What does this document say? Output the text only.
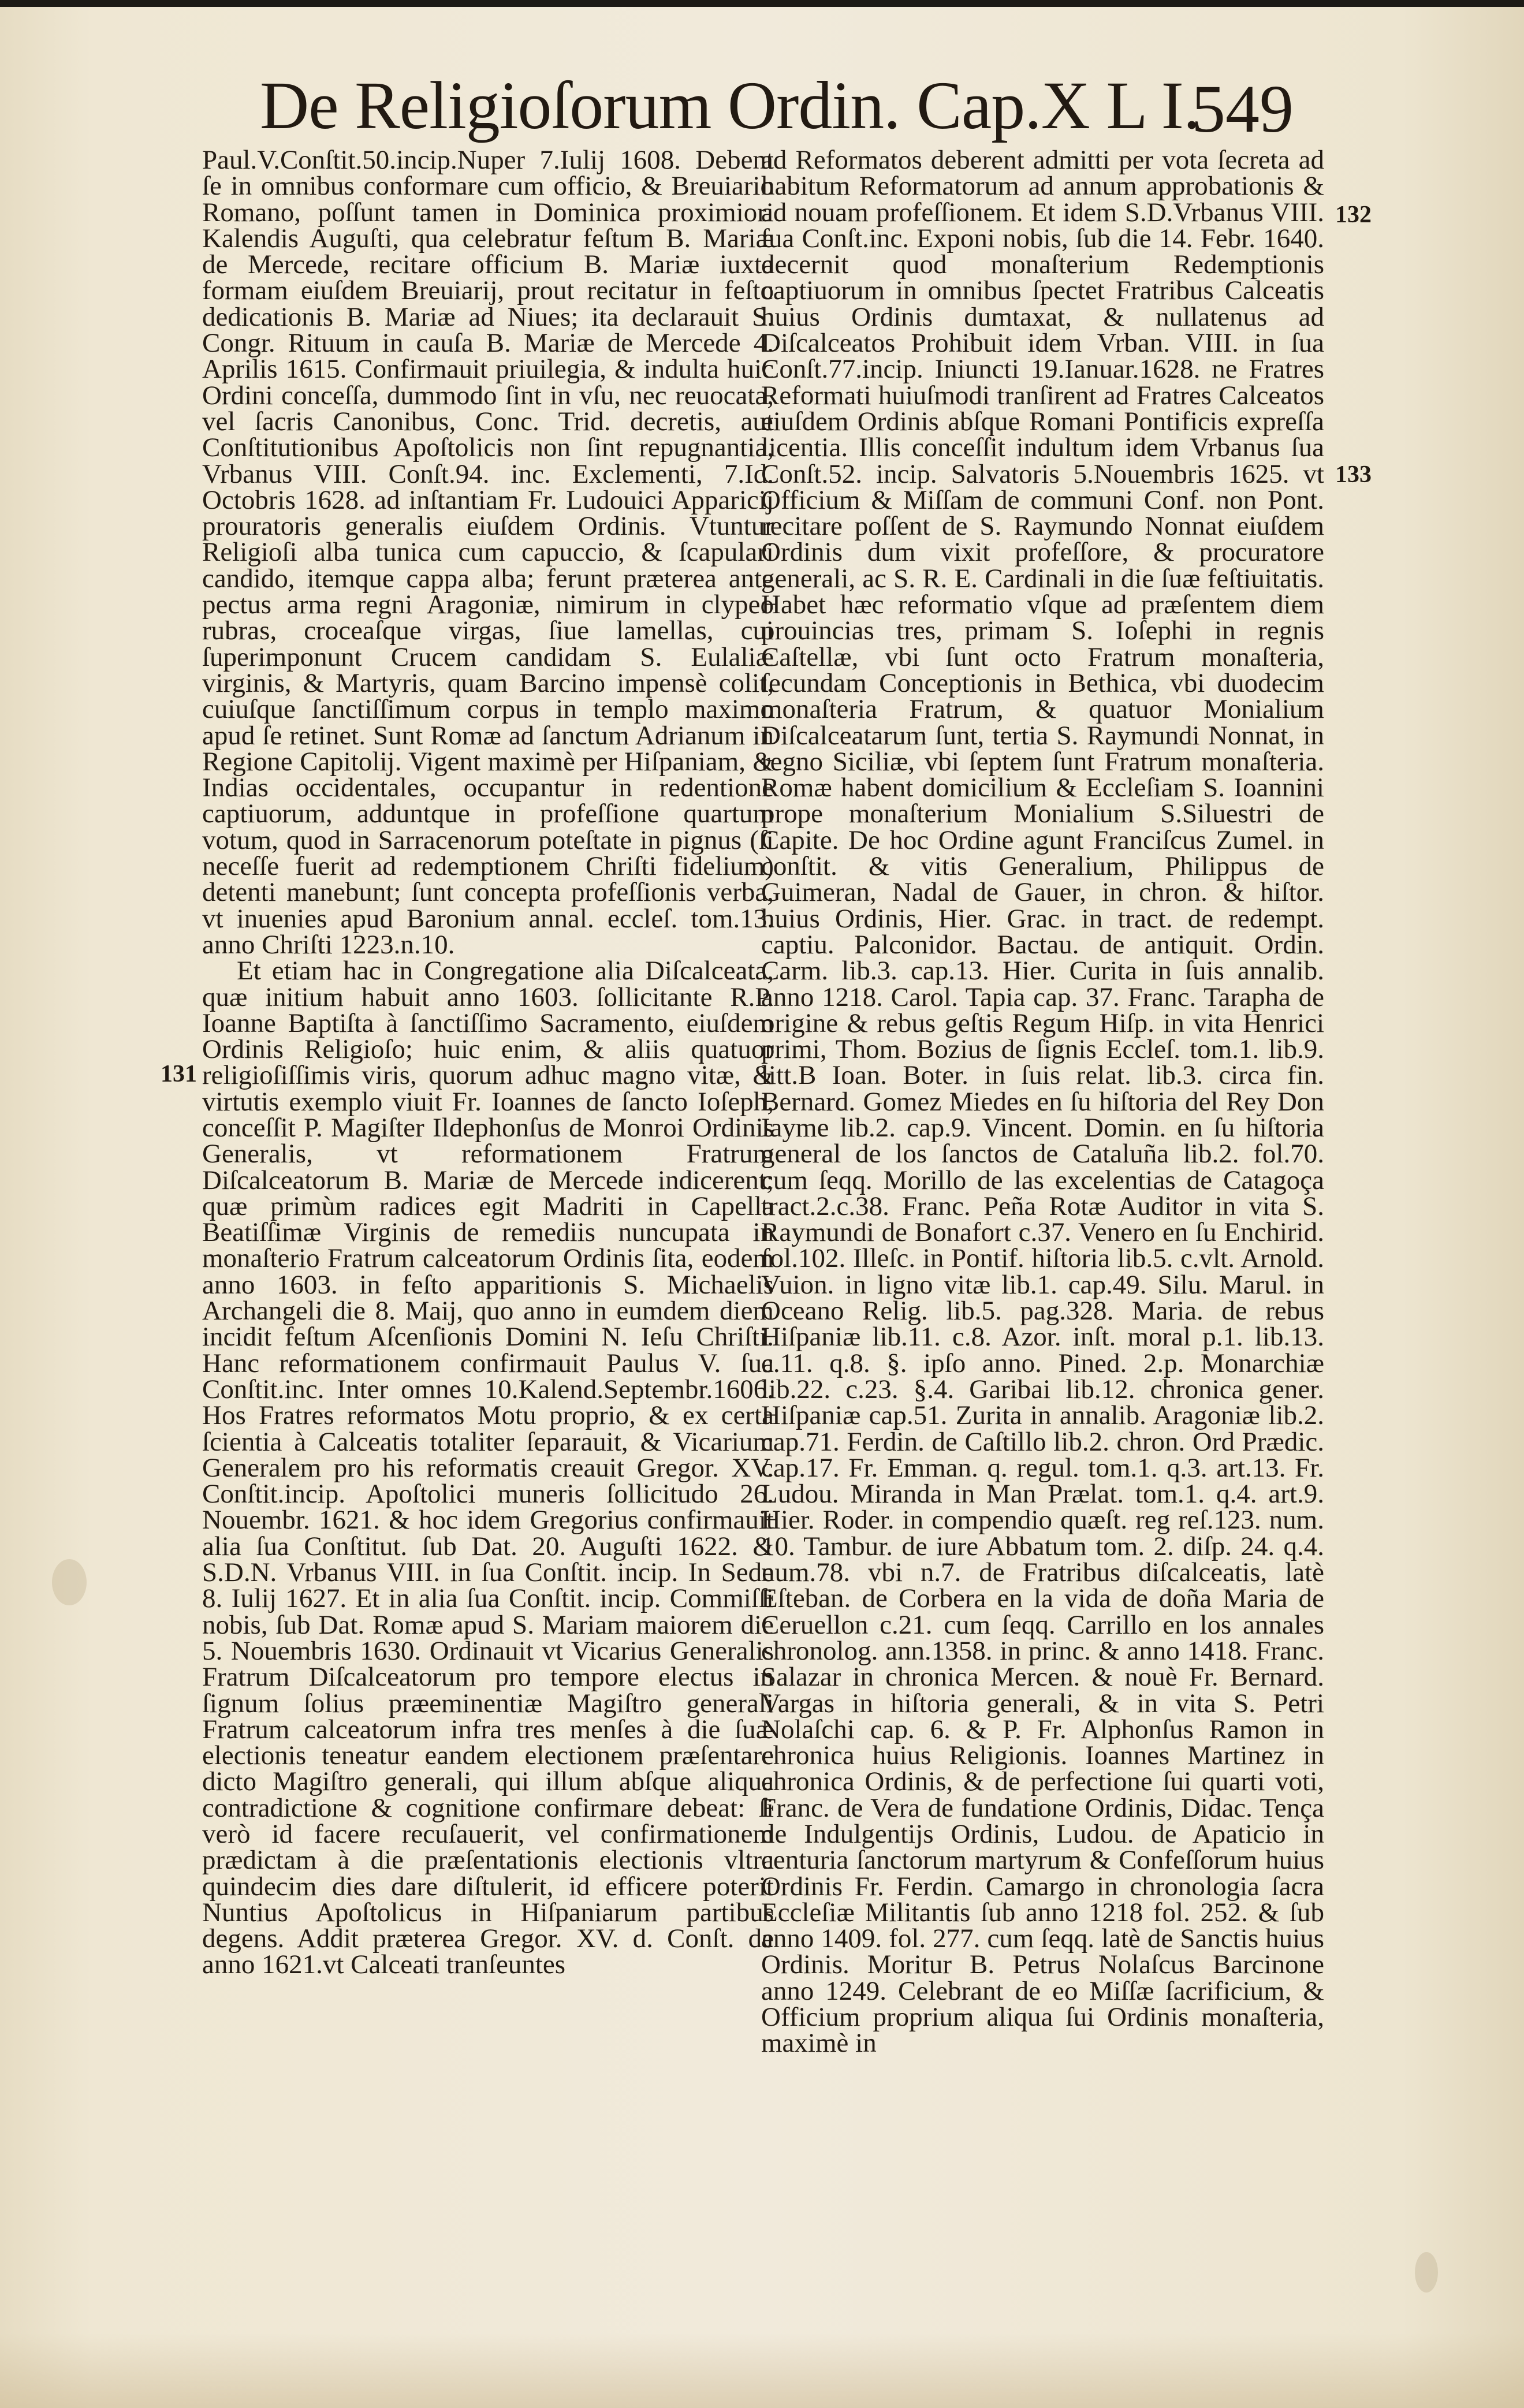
De Religioſorum Ordin. Cap.X L I.
549

Paul.V.Conſtit.50.incip.Nuper 7.Iulij 1608. Debent ſe in omnibus conformare cum officio, & Breuiario Romano, poſſunt tamen in Dominica proximiori Kalendis Auguſti, qua celebratur feſtum B. Mariæ de Mercede, recitare officium B. Mariæ iuxta formam eiuſdem Breuiarij, prout recitatur in feſto dedicationis B. Mariæ ad Niues; ita declarauit S. Congr. Rituum in cauſa B. Mariæ de Mercede 4. Aprilis 1615. Confirmauit priuilegia, & indulta huic Ordini conceſſa, dummodo ſint in vſu, nec reuocata, vel ſacris Canonibus, Conc. Trid. decretis, aut Conſtitutionibus Apoſtolicis non ſint repugnantia, Vrbanus VIII. Conſt.94. inc. Exclementi, 7.Id. Octobris 1628. ad inſtantiam Fr. Ludouici Apparicij prouratoris generalis eiuſdem Ordinis. Vtuntur Religioſi alba tunica cum capuccio, & ſcapulari candido, itemque cappa alba; ferunt præterea ante pectus arma regni Aragoniæ, nimirum in clypeo rubras, croceaſque virgas, ſiue lamellas, cui ſuperimponunt Crucem candidam S. Eulaliæ virginis, & Martyris, quam Barcino impensè colit, cuiuſque ſanctiſſimum corpus in templo maximo apud ſe retinet. Sunt Romæ ad ſanctum Adrianum in Regione Capitolij. Vigent maximè per Hiſpaniam, & Indias occidentales, occupantur in redentione captiuorum, adduntque in profeſſione quartum votum, quod in Sarracenorum poteſtate in pignus (ſi neceſſe fuerit ad redemptionem Chriſti fidelium) detenti manebunt; ſunt concepta profeſſionis verba, vt inuenies apud Baronium annal. eccleſ. tom.13. anno Chriſti 1223.n.10.

Et etiam hac in Congregatione alia Diſcalceata, quæ initium habuit anno 1603. ſollicitante R.P. Ioanne Baptiſta à ſanctiſſimo Sacramento, eiuſdem Ordinis Religioſo; huic enim, & aliis quatuor religioſiſſimis viris, quorum adhuc magno vitæ, & virtutis exemplo viuit Fr. Ioannes de ſancto Ioſeph, conceſſit P. Magiſter Ildephonſus de Monroi Ordinis Generalis, vt reformationem Fratrum Diſcalceatorum B. Mariæ de Mercede indicerent; quæ primùm radices egit Madriti in Capella Beatiſſimæ Virginis de remediis nuncupata in monaſterio Fratrum calceatorum Ordinis ſita, eodem anno 1603. in feſto apparitionis S. Michaelis Archangeli die 8. Maij, quo anno in eumdem diem incidit feſtum Aſcenſionis Domini N. Ieſu Chriſti. Hanc reformationem confirmauit Paulus V. ſua Conſtit.inc. Inter omnes 10.Kalend.Septembr.1606. Hos Fratres reformatos Motu proprio, & ex certa ſcientia à Calceatis totaliter ſeparauit, & Vicarium Generalem pro his reformatis creauit Gregor. XV. Conſtit.incip. Apoſtolici muneris ſollicitudo 26. Nouembr. 1621. & hoc idem Gregorius confirmauit alia ſua Conſtitut. ſub Dat. 20. Auguſti 1622. & S.D.N. Vrbanus VIII. in ſua Conſtit. incip. In Sede 8. Iulij 1627. Et in alia ſua Conſtit. incip. Commiſſi nobis, ſub Dat. Romæ apud S. Mariam maiorem die 5. Nouembris 1630. Ordinauit vt Vicarius Generalis Fratrum Diſcalceatorum pro tempore electus in ſignum ſolius præeminentiæ Magiſtro generali Fratrum calceatorum infra tres menſes à die ſuæ electionis teneatur eandem electionem præſentare dicto Magiſtro generali, qui illum abſque aliqua contradictione & cognitione confirmare debeat: ſi verò id facere recuſauerit, vel confirmationem prædictam à die præſentationis electionis vltra quindecim dies dare diſtulerit, id efficere poterit Nuntius Apoſtolicus in Hiſpaniarum partibus degens. Addit præterea Gregor. XV. d. Conſt. de anno 1621.vt Calceati tranſeuntes

ad Reformatos deberent admitti per vota ſecreta ad habitum Reformatorum ad annum approbationis & ad nouam profeſſionem. Et idem S.D.Vrbanus VIII. ſua Conſt.inc. Exponi nobis, ſub die 14. Febr. 1640. decernit quod monaſterium Redemptionis captiuorum in omnibus ſpectet Fratribus Calceatis huius Ordinis dumtaxat, & nullatenus ad Diſcalceatos Prohibuit idem Vrban. VIII. in ſua Conſt.77.incip. Iniuncti 19.Ianuar.1628. ne Fratres Reformati huiuſmodi tranſirent ad Fratres Calceatos eiuſdem Ordinis abſque Romani Pontificis expreſſa licentia. Illis conceſſit indultum idem Vrbanus ſua Conſt.52. incip. Salvatoris 5.Nouembris 1625. vt Officium & Miſſam de communi Conf. non Pont. recitare poſſent de S. Raymundo Nonnat eiuſdem Ordinis dum vixit profeſſore, & procuratore generali, ac S. R. E. Cardinali in die ſuæ feſtiuitatis. Habet hæc reformatio vſque ad præſentem diem prouincias tres, primam S. Ioſephi in regnis Caſtellæ, vbi ſunt octo Fratrum monaſteria, ſecundam Conceptionis in Bethica, vbi duodecim monaſteria Fratrum, & quatuor Monialium Diſcalceatarum ſunt, tertia S. Raymundi Nonnat, in regno Siciliæ, vbi ſeptem ſunt Fratrum monaſteria. Romæ habent domicilium & Eccleſiam S. Ioannini prope monaſterium Monialium S.Siluestri de Capite. De hoc Ordine agunt Franciſcus Zumel. in conſtit. & vitis Generalium, Philippus de Guimeran, Nadal de Gauer, in chron. & hiſtor. huius Ordinis, Hier. Grac. in tract. de redempt. captiu. Palconidor. Bactau. de antiquit. Ordin. Carm. lib.3. cap.13. Hier. Curita in ſuis annalib. anno 1218. Carol. Tapia cap. 37. Franc. Tarapha de origine & rebus geſtis Regum Hiſp. in vita Henrici primi, Thom. Bozius de ſignis Eccleſ. tom.1. lib.9. litt.B Ioan. Boter. in ſuis relat. lib.3. circa fin. Bernard. Gomez Miedes en ſu hiſtoria del Rey Don Iayme lib.2. cap.9. Vincent. Domin. en ſu hiſtoria general de los ſanctos de Cataluña lib.2. fol.70. cum ſeqq. Morillo de las excelentias de Catagoça tract.2.c.38. Franc. Peña Rotæ Auditor in vita S. Raymundi de Bonafort c.37. Venero en ſu Enchirid. fol.102. Illeſc. in Pontif. hiſtoria lib.5. c.vlt. Arnold. Vuion. in ligno vitæ lib.1. cap.49. Silu. Marul. in Oceano Relig. lib.5. pag.328. Maria. de rebus Hiſpaniæ lib.11. c.8. Azor. inſt. moral p.1. lib.13. c.11. q.8. §. ipſo anno. Pined. 2.p. Monarchiæ lib.22. c.23. §.4. Garibai lib.12. chronica gener. Hiſpaniæ cap.51. Zurita in annalib. Aragoniæ lib.2. cap.71. Ferdin. de Caſtillo lib.2. chron. Ord Prædic. cap.17. Fr. Emman. q. regul. tom.1. q.3. art.13. Fr. Ludou. Miranda in Man Prælat. tom.1. q.4. art.9. Hier. Roder. in compendio quæſt. reg reſ.123. num. 10. Tambur. de iure Abbatum tom. 2. diſp. 24. q.4. num.78. vbi n.7. de Fratribus diſcalceatis, latè Eſteban. de Corbera en la vida de doña Maria de Ceruellon c.21. cum ſeqq. Carrillo en los annales chronolog. ann.1358. in princ. & anno 1418. Franc. Salazar in chronica Mercen. & nouè Fr. Bernard. Vargas in hiſtoria generali, & in vita S. Petri Nolaſchi cap. 6. & P. Fr. Alphonſus Ramon in chronica huius Religionis. Ioannes Martinez in chronica Ordinis, & de perfectione ſui quarti voti, Franc. de Vera de fundatione Ordinis, Didac. Tença de Indulgentijs Ordinis, Ludou. de Apaticio in centuria ſanctorum martyrum & Confeſſorum huius Ordinis Fr. Ferdin. Camargo in chronologia ſacra Eccleſiæ Militantis ſub anno 1218 fol. 252. & ſub anno 1409. fol. 277. cum ſeqq. latè de Sanctis huius Ordinis. Moritur B. Petrus Nolaſcus Barcinone anno 1249. Celebrant de eo Miſſæ ſacrificium, & Officium proprium aliqua ſui Ordinis monaſteria, maximè in

131
132
133
